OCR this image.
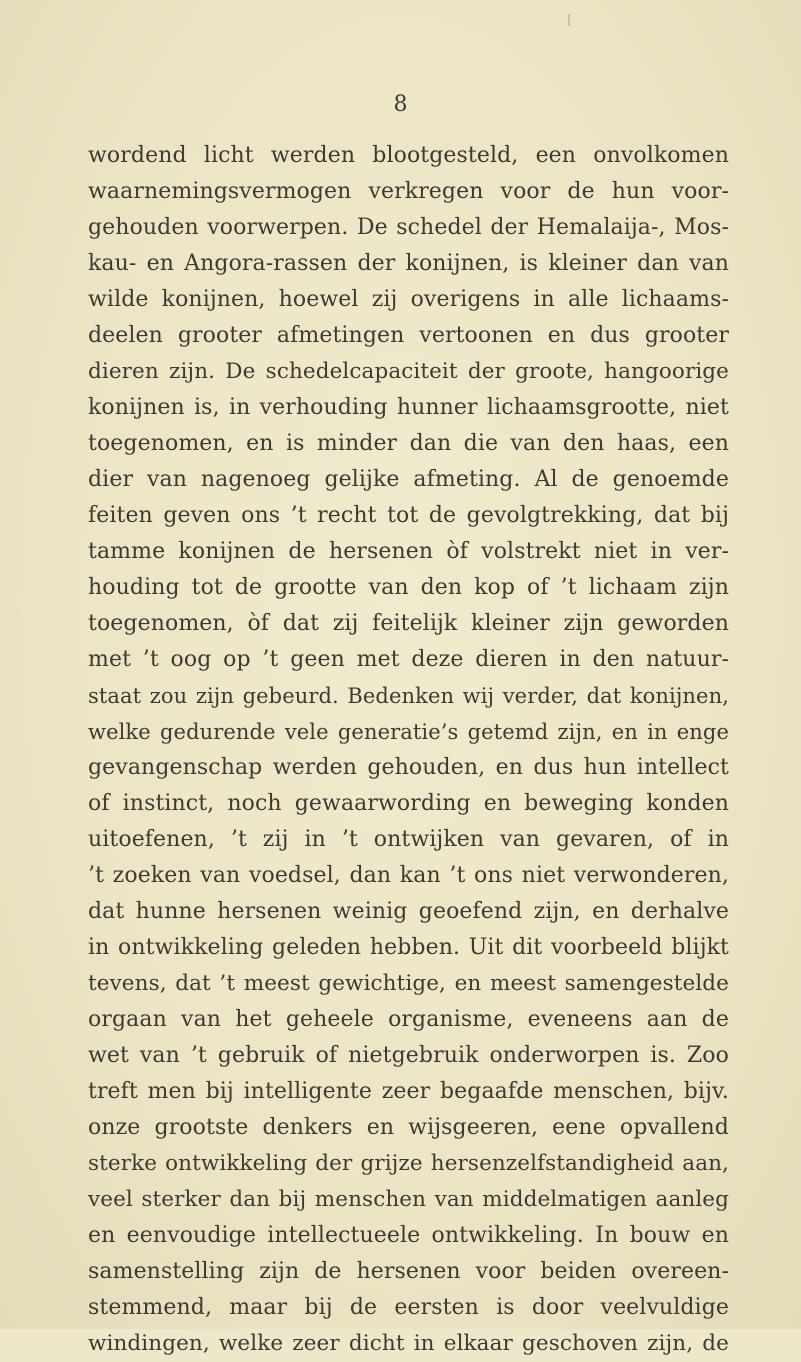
8
wordend licht werden blootgesteld, een onvolkomen
waarnemingsvermogen verkregen voor de hun voor-
gehouden voorwerpen. De schedel der Hemalaija-, Mos-
kau- en Angora-rassen der konijnen, is kleiner dan van
wilde konijnen, hoewel zij overigens in alle lichaams-
deelen grooter afmetingen vertoonen en dus grooter
dieren zijn. De schedelcapaciteit der groote, hangoorige
konijnen is, in verhouding hunner lichaamsgrootte, niet
toegenomen, en is minder dan die van den haas, een
dier van nagenoeg gelijke afmeting. Al de genoemde
feiten geven ons ’t recht tot de gevolgtrekking, dat bij
tamme konijnen de hersenen òf volstrekt niet in ver-
houding tot de grootte van den kop of ’t lichaam zijn
toegenomen, òf dat zij feitelijk kleiner zijn geworden
met ’t oog op ’t geen met deze dieren in den natuur-
staat zou zijn gebeurd. Bedenken wij verder, dat konijnen,
welke gedurende vele generatie’s getemd zijn, en in enge
gevangenschap werden gehouden, en dus hun intellect
of instinct, noch gewaarwording en beweging konden
uitoefenen, ’t zij in ’t ontwijken van gevaren, of in
’t zoeken van voedsel, dan kan ’t ons niet verwonderen,
dat hunne hersenen weinig geoefend zijn, en derhalve
in ontwikkeling geleden hebben. Uit dit voorbeeld blijkt
tevens, dat ’t meest gewichtige, en meest samengestelde
orgaan van het geheele organisme, eveneens aan de
wet van ’t gebruik of nietgebruik onderworpen is. Zoo
treft men bij intelligente zeer begaafde menschen, bijv.
onze grootste denkers en wijsgeeren, eene opvallend
sterke ontwikkeling der grijze hersenzelfstandigheid aan,
veel sterker dan bij menschen van middelmatigen aanleg
en eenvoudige intellectueele ontwikkeling. In bouw en
samenstelling zijn de hersenen voor beiden overeen-
stemmend, maar bij de eersten is door veelvuldige
windingen, welke zeer dicht in elkaar geschoven zijn, de
